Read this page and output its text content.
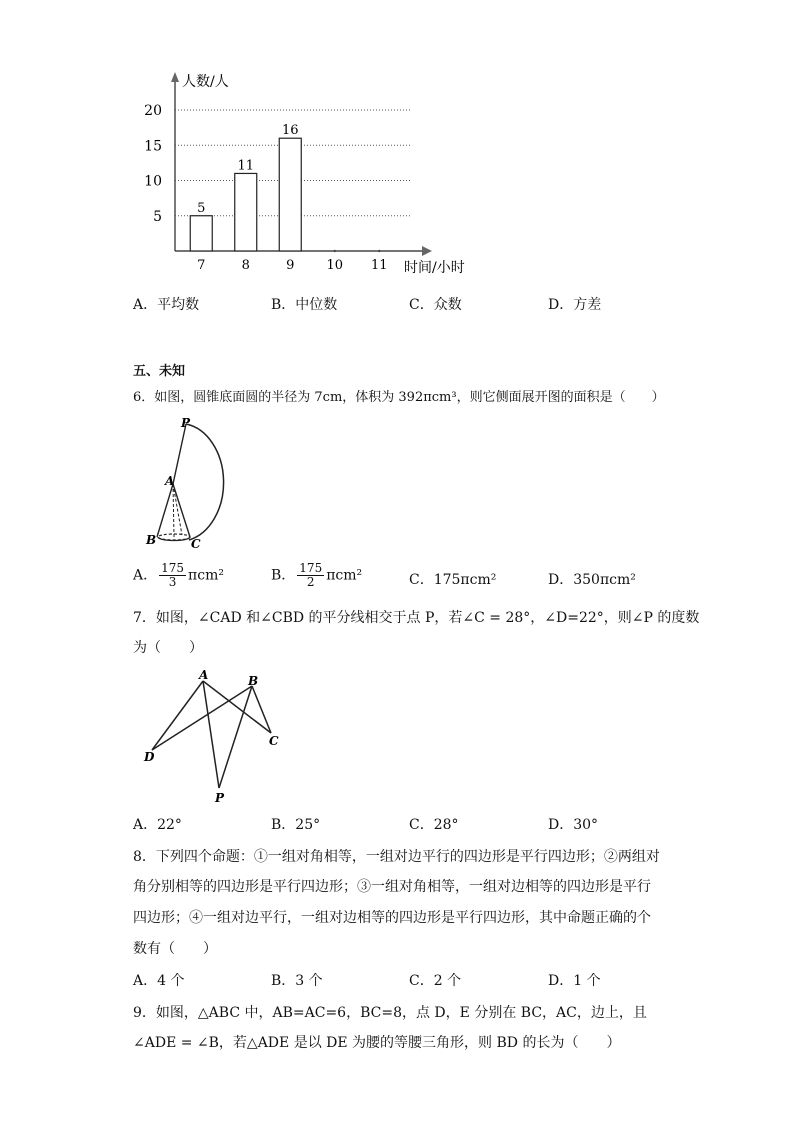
人数/人
时间/小时
5
10
15
20
5
11
16
7	8	9 10 11
A．平均数	B．中位数	C．众数	D．方差
五、未知
6．如图，圆锥底面圆的半径为 7cm，体积为 392πcm³，则它侧面展开图的面积是（　　）
P
A
B	C
A． $\frac{175}{3} \pi cm^2$	B． $\frac{175}{2} \pi cm^2$	C．175πcm²	D．350πcm²
7．如图，∠CAD 和∠CBD 的平分线相交于点 P，若∠C = 28°，∠D=22°，则∠P 的度数
为（　　）
A	B
C
D
P
A．22°	B．25°	C．28°	D．30°
8．下列四个命题：①一组对角相等，一组对边平行的四边形是平行四边形；②两组对
角分别相等的四边形是平行四边形；③一组对角相等，一组对边相等的四边形是平行
四边形；④一组对边平行，一组对边相等的四边形是平行四边形，其中命题正确的个
数有（　　）
A．4 个	B．3 个	C．2 个	D．1 个
9．如图，△ABC 中，AB=AC=6，BC=8，点 D，E 分别在 BC，AC，边上，且
∠ADE = ∠B，若△ADE 是以 DE 为腰的等腰三角形，则 BD 的长为（　　）
